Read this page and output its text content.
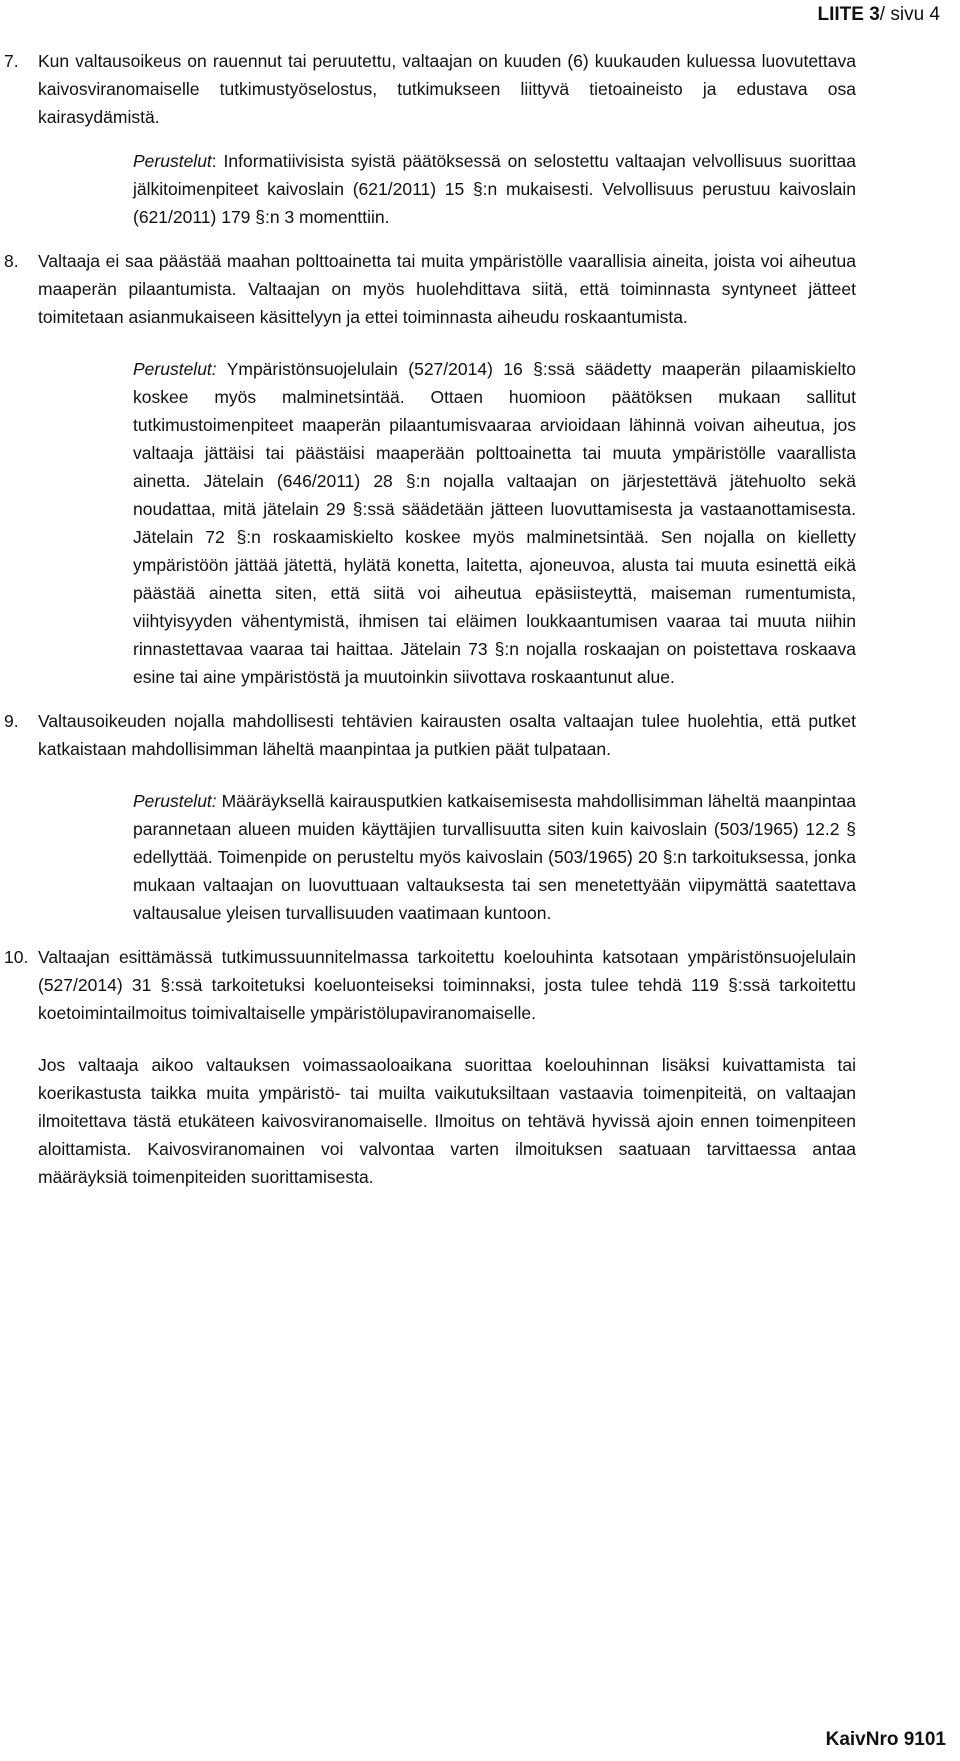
LIITE 3/ sivu 4
7. Kun valtausoikeus on rauennut tai peruutettu, valtaajan on kuuden (6) kuukauden kuluessa luovutettava kaivosviranomaiselle tutkimustyöselostus, tutkimukseen liittyvä tietoaineisto ja edustava osa kairasydämistä.
Perustelut: Informatiivisista syistä päätöksessä on selostettu valtaajan velvollisuus suorittaa jälkitoimenpiteet kaivoslain (621/2011) 15 §:n mukaisesti. Velvollisuus perustuu kaivoslain (621/2011) 179 §:n 3 momenttiin.
8. Valtaaja ei saa päästää maahan polttoainetta tai muita ympäristölle vaarallisia aineita, joista voi aiheutua maaperän pilaantumista. Valtaajan on myös huolehdittava siitä, että toiminnasta syntyneet jätteet toimitetaan asianmukaiseen käsittelyyn ja ettei toiminnasta aiheudu roskaantumista.
Perustelut: Ympäristönsuojelulain (527/2014) 16 §:ssä säädetty maaperän pilaamiskielto koskee myös malminetsintää. Ottaen huomioon päätöksen mukaan sallitut tutkimustoimenpiteet maaperän pilaantumisvaaraa arvioidaan lähinnä voivan aiheutua, jos valtaaja jättäisi tai päästäisi maaperään polttoainetta tai muuta ympäristölle vaarallista ainetta. Jätelain (646/2011) 28 §:n nojalla valtaajan on järjestettävä jätehuolto sekä noudattaa, mitä jätelain 29 §:ssä säädetään jätteen luovuttamisesta ja vastaanottamisesta. Jätelain 72 §:n roskaamiskielto koskee myös malminetsintää. Sen nojalla on kielletty ympäristöön jättää jätettä, hylätä konetta, laitetta, ajoneuvoa, alusta tai muuta esinettä eikä päästää ainetta siten, että siitä voi aiheutua epäsiisteyttä, maiseman rumentumista, viihtyisyyden vähentymistä, ihmisen tai eläimen loukkaantumisen vaaraa tai muuta niihin rinnastettavaa vaaraa tai haittaa. Jätelain 73 §:n nojalla roskaajan on poistettava roskaava esine tai aine ympäristöstä ja muutoinkin siivottava roskaantunut alue.
9. Valtausoikeuden nojalla mahdollisesti tehtävien kairausten osalta valtaajan tulee huolehtia, että putket katkaistaan mahdollisimman läheltä maanpintaa ja putkien päät tulpataan.
Perustelut: Määräyksellä kairausputkien katkaisemisesta mahdollisimman läheltä maanpintaa parannetaan alueen muiden käyttäjien turvallisuutta siten kuin kaivoslain (503/1965) 12.2 § edellyttää. Toimenpide on perusteltu myös kaivoslain (503/1965) 20 §:n tarkoituksessa, jonka mukaan valtaajan on luovuttuaan valtauksesta tai sen menetettyään viipymättä saatettava valtausalue yleisen turvallisuuden vaatimaan kuntoon.
10. Valtaajan esittämässä tutkimussuunnitelmassa tarkoitettu koelouhinta katsotaan ympäristönsuojelulain (527/2014) 31 §:ssä tarkoitetuksi koeluonteiseksi toiminnaksi, josta tulee tehdä 119 §:ssä tarkoitettu koetoimintailmoitus toimivaltaiselle ympäristölupaviranomaiselle.
Jos valtaaja aikoo valtauksen voimassaoloaikana suorittaa koelouhinnan lisäksi kuivattamista tai koerikastusta taikka muita ympäristö- tai muilta vaikutuksiltaan vastaavia toimenpiteitä, on valtaajan ilmoitettava tästä etukäteen kaivosviranomaiselle. Ilmoitus on tehtävä hyvissä ajoin ennen toimenpiteen aloittamista. Kaivosviranomainen voi valvontaa varten ilmoituksen saatuaan tarvittaessa antaa määräyksiä toimenpiteiden suorittamisesta.
KaivNro 9101
